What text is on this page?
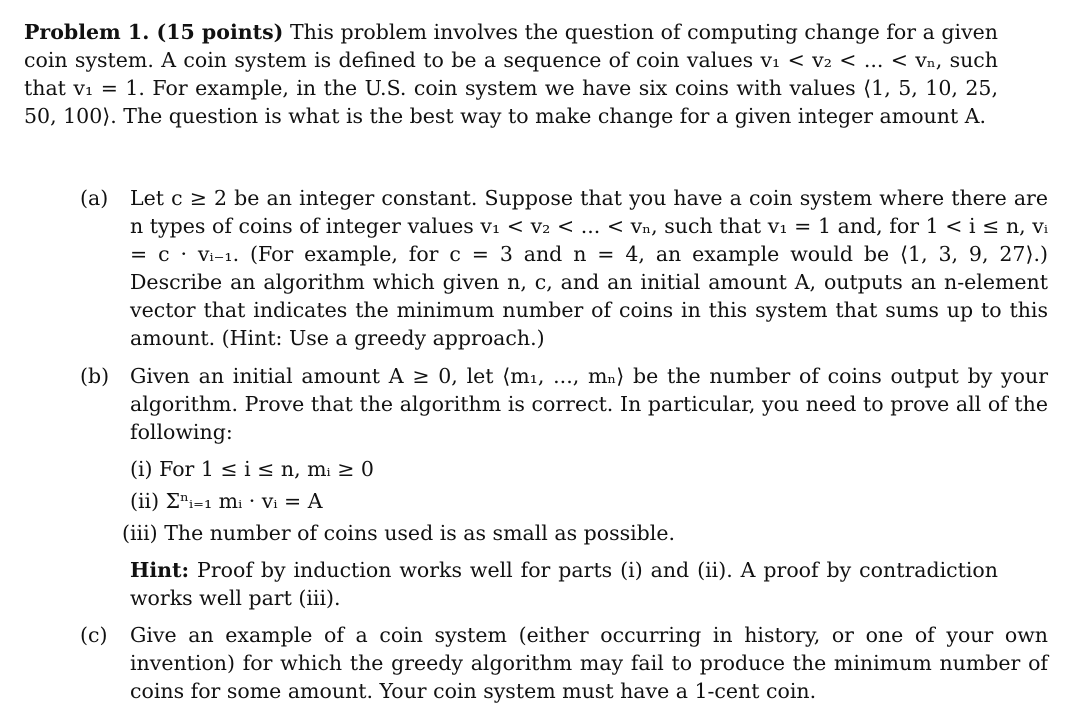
Problem 1. (15 points) This problem involves the question of computing change for a given coin system. A coin system is defined to be a sequence of coin values v₁ < v₂ < ... < vₙ, such that v₁ = 1. For example, in the U.S. coin system we have six coins with values ⟨1, 5, 10, 25, 50, 100⟩. The question is what is the best way to make change for a given integer amount A.

(a) Let c ≥ 2 be an integer constant. Suppose that you have a coin system where there are n types of coins of integer values v₁ < v₂ < ... < vₙ, such that v₁ = 1 and, for 1 < i ≤ n, vᵢ = c · vᵢ₋₁. (For example, for c = 3 and n = 4, an example would be ⟨1, 3, 9, 27⟩.) Describe an algorithm which given n, c, and an initial amount A, outputs an n-element vector that indicates the minimum number of coins in this system that sums up to this amount. (Hint: Use a greedy approach.)

(b) Given an initial amount A ≥ 0, let ⟨m₁, ..., mₙ⟩ be the number of coins output by your algorithm. Prove that the algorithm is correct. In particular, you need to prove all of the following:

(i) For 1 ≤ i ≤ n, mᵢ ≥ 0
(ii) Σⁿᵢ₌₁ mᵢ · vᵢ = A
(iii) The number of coins used is as small as possible.

Hint: Proof by induction works well for parts (i) and (ii). A proof by contradiction works well part (iii).

(c) Give an example of a coin system (either occurring in history, or one of your own invention) for which the greedy algorithm may fail to produce the minimum number of coins for some amount. Your coin system must have a 1-cent coin.
